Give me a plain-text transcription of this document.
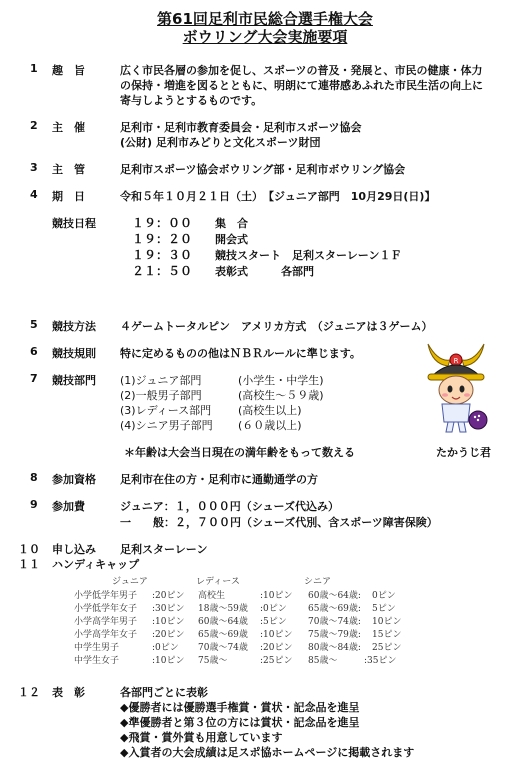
第61回足利市民総合選手権大会
ボウリング大会実施要項
1 趣　旨	広く市民各層の参加を促し、スポーツの普及・発展と、市民の健康・体力
の保持・増進を図るとともに、明朗にて連帯感あふれた市民生活の向上に
寄与しようとするものです。
2 主　催	足利市・足利市教育委員会・足利市スポーツ協会
(公財) 足利市みどりと文化スポーツ財団
3 主　管	足利市スポーツ協会ボウリング部・足利市ボウリング協会
4 期　日	令和５年１０月２１日（土）　【ジュニア部門　10月29日(日)】
競技日程	１９：００ 集　合
１９：２０ 開会式
１９：３０ 競技スタート　足利スターレーン１Ｆ
２１：５０ 表彰式　　　各部門
5 競技方法 ４ゲームトータルピン　アメリカ方式　（ジュニアは３ゲーム）
6 競技規則 特に定めるものの他はＮＢＲルールに準じます。
7 競技部門 (1)ジュニア部門	(小学生・中学生)
(2)一般男子部門	(高校生～５９歳)
(3)レディース部門 (高校生以上)
(4)シニア男子部門 (６０歳以上)
＊年齢は大会当日現在の満年齢をもって数える
R
たかうじ君
8 参加資格 足利市在住の方・足利市に通勤通学の方
9 参加費	ジュニア：１，０００円（シューズ代込み）
一　　般：２，７００円（シューズ代別、含スポーツ障害保険）
１０ 申し込み 足利スターレーン
１１ ハンディキャップ
ジュニア	レディース	シニア
小学低学年男子 :20ピン 高校生	:10ピン 60歳～64歳: 0ピン
小学低学年女子 :30ピン 18歳～59歳 :0ピン 65歳～69歳: 5ピン
小学高学年男子 :10ピン 60歳～64歳 :5ピン 70歳～74歳: 10ピン
小学高学年女子 :20ピン 65歳～69歳 :10ピン 75歳～79歳: 15ピン
中学生男子	:0ピン 70歳～74歳 :20ピン 80歳～84歳: 25ピン
中学生女子	:10ピン 75歳～	:25ピン 85歳～	:35ピン
１２ 表　彰	各部門ごとに表彰
◆優勝者には優勝選手権賞・賞状・記念品を進呈
◆準優勝者と第３位の方には賞状・記念品を進呈
◆飛賞・賞外賞も用意しています
◆入賞者の大会成績は足スポ協ホームページに掲載されます
